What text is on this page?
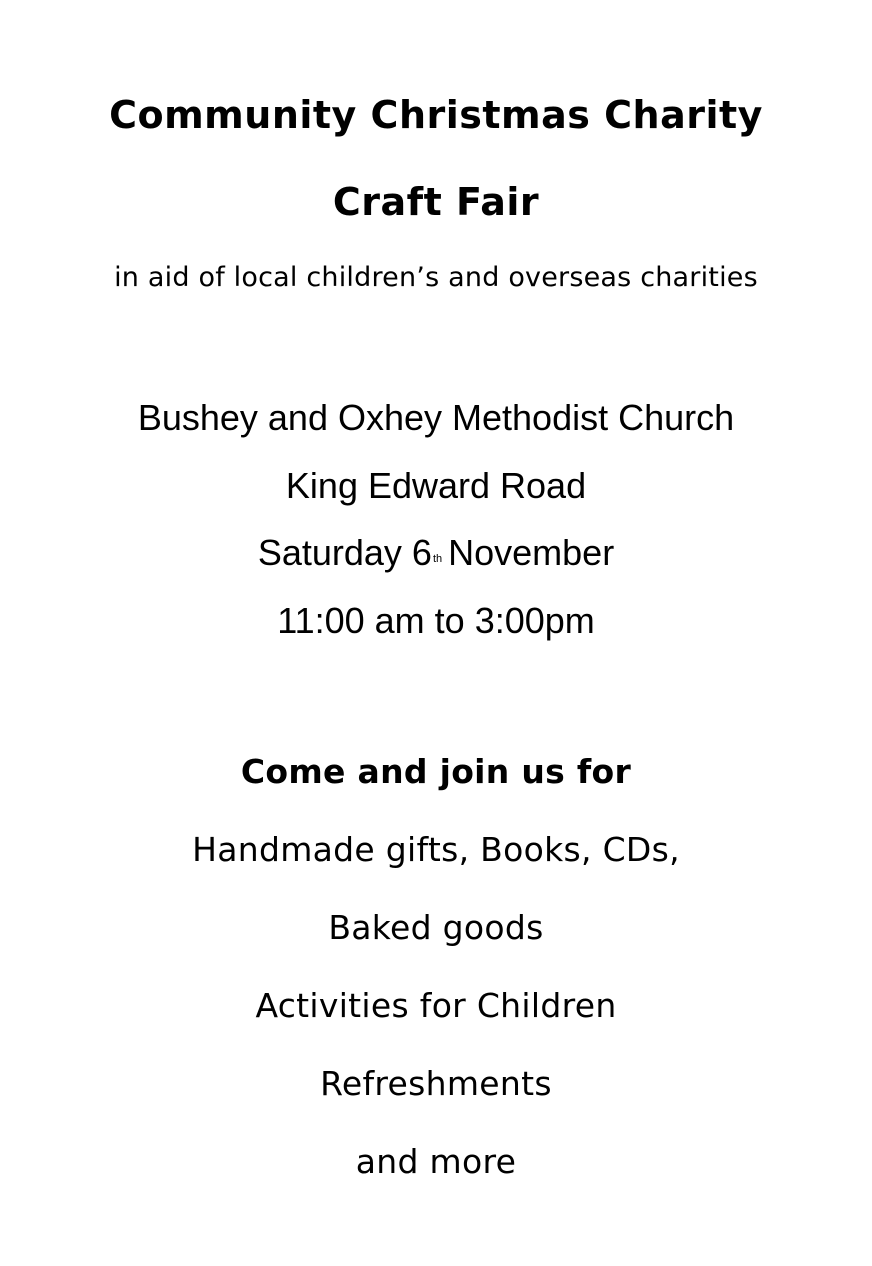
Community Christmas Charity
Craft Fair
in aid of local children’s and overseas charities
Bushey and Oxhey Methodist Church
King Edward Road
Saturday 6th November
11:00 am to 3:00pm
Come and join us for
Handmade gifts, Books, CDs,
Baked goods
Activities for Children
Refreshments
and more
